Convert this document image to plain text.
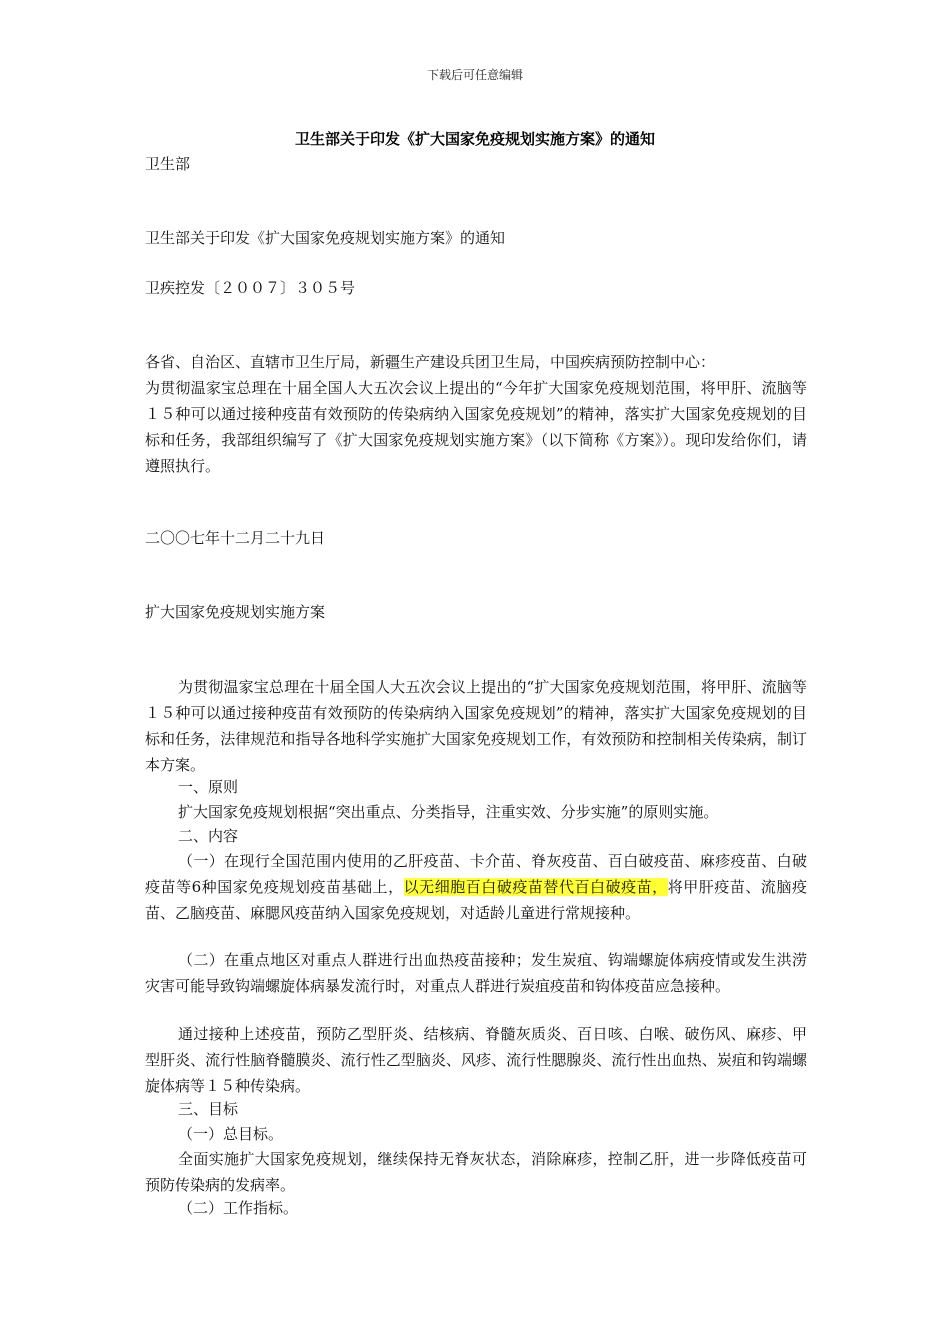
下载后可任意编辑
卫生部关于印发《扩大国家免疫规划实施方案》的通知
卫生部
卫生部关于印发《扩大国家免疫规划实施方案》的通知
卫疾控发〔２００７〕３０５号
各省、自治区、直辖市卫生厅局，新疆生产建设兵团卫生局，中国疾病预防控制中心：
为贯彻温家宝总理在十届全国人大五次会议上提出的“今年扩大国家免疫规划范围，将甲肝、流脑等１５种可以通过接种疫苗有效预防的传染病纳入国家免疫规划”的精神，落实扩大国家免疫规划的目标和任务，我部组织编写了《扩大国家免疫规划实施方案》（以下简称《方案》）。现印发给你们，请遵照执行。
二〇〇七年十二月二十九日
扩大国家免疫规划实施方案
为贯彻温家宝总理在十届全国人大五次会议上提出的“扩大国家免疫规划范围，将甲肝、流脑等１５种可以通过接种疫苗有效预防的传染病纳入国家免疫规划”的精神，落实扩大国家免疫规划的目标和任务，法律规范和指导各地科学实施扩大国家免疫规划工作，有效预防和控制相关传染病，制订本方案。
一、原则
扩大国家免疫规划根据“突出重点、分类指导，注重实效、分步实施”的原则实施。
二、内容
（一）在现行全国范围内使用的乙肝疫苗、卡介苗、脊灰疫苗、百白破疫苗、麻疹疫苗、白破疫苗等6种国家免疫规划疫苗基础上，以无细胞百白破疫苗替代百白破疫苗，将甲肝疫苗、流脑疫苗、乙脑疫苗、麻腮风疫苗纳入国家免疫规划，对适龄儿童进行常规接种。
（二）在重点地区对重点人群进行出血热疫苗接种；发生炭疽、钩端螺旋体病疫情或发生洪涝灾害可能导致钩端螺旋体病暴发流行时，对重点人群进行炭疽疫苗和钩体疫苗应急接种。
通过接种上述疫苗，预防乙型肝炎、结核病、脊髓灰质炎、百日咳、白喉、破伤风、麻疹、甲型肝炎、流行性脑脊髓膜炎、流行性乙型脑炎、风疹、流行性腮腺炎、流行性出血热、炭疽和钩端螺旋体病等１５种传染病。
三、目标
（一）总目标。
全面实施扩大国家免疫规划，继续保持无脊灰状态，消除麻疹，控制乙肝，进一步降低疫苗可预防传染病的发病率。
（二）工作指标。
